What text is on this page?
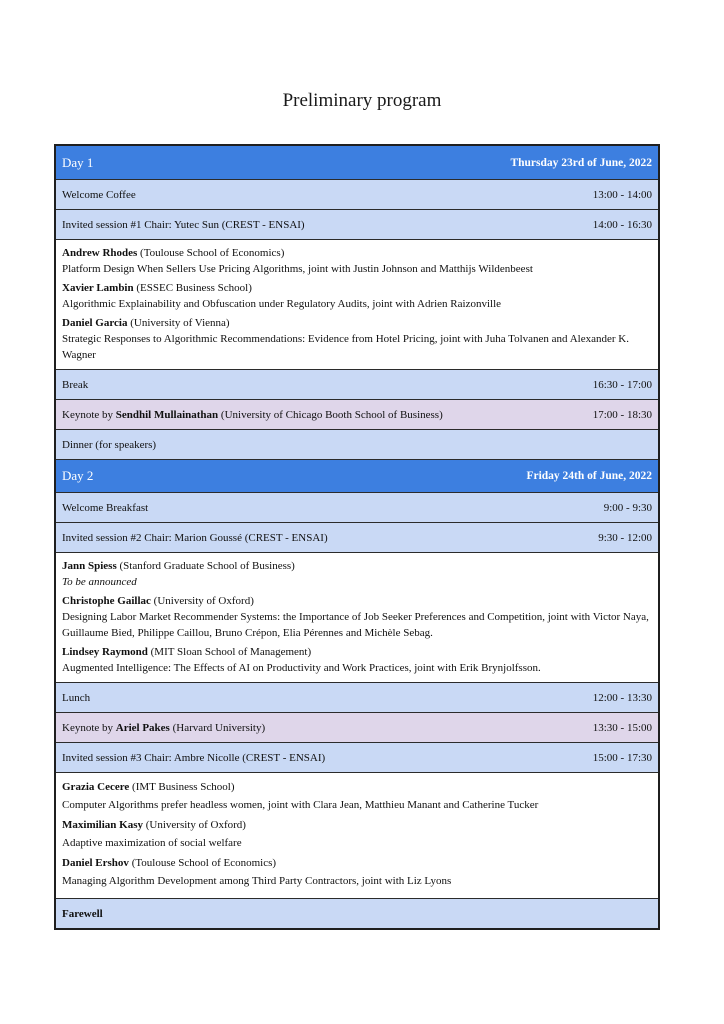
Preliminary program
Day 1	Thursday 23rd of June, 2022
Welcome Coffee	13:00 - 14:00
Invited session #1 Chair: Yutec Sun (CREST - ENSAI)	14:00 - 16:30
Andrew Rhodes (Toulouse School of Economics)
Platform Design When Sellers Use Pricing Algorithms, joint with Justin Johnson and Matthijs Wildenbeest
Xavier Lambin (ESSEC Business School)
Algorithmic Explainability and Obfuscation under Regulatory Audits, joint with Adrien Raizonville
Daniel Garcia (University of Vienna)
Strategic Responses to Algorithmic Recommendations: Evidence from Hotel Pricing, joint with Juha Tolvanen and Alexander K. Wagner
Break	16:30 - 17:00
Keynote by Sendhil Mullainathan (University of Chicago Booth School of Business)	17:00 - 18:30
Dinner (for speakers)
Day 2	Friday 24th of June, 2022
Welcome Breakfast	9:00 - 9:30
Invited session #2 Chair: Marion Goussé (CREST - ENSAI)	9:30 - 12:00
Jann Spiess (Stanford Graduate School of Business)
To be announced
Christophe Gaillac (University of Oxford)
Designing Labor Market Recommender Systems: the Importance of Job Seeker Preferences and Competition, joint with Victor Naya, Guillaume Bied, Philippe Caillou, Bruno Crépon, Elia Pérennes and Michèle Sebag.
Lindsey Raymond (MIT Sloan School of Management)
Augmented Intelligence: The Effects of AI on Productivity and Work Practices, joint with Erik Brynjolfsson.
Lunch	12:00 - 13:30
Keynote by Ariel Pakes (Harvard University)	13:30 - 15:00
Invited session #3 Chair: Ambre Nicolle (CREST - ENSAI)	15:00 - 17:30
Grazia Cecere (IMT Business School)
Computer Algorithms prefer headless women, joint with Clara Jean, Matthieu Manant and Catherine Tucker
Maximilian Kasy (University of Oxford)
Adaptive maximization of social welfare
Daniel Ershov (Toulouse School of Economics)
Managing Algorithm Development among Third Party Contractors, joint with Liz Lyons
Farewell
